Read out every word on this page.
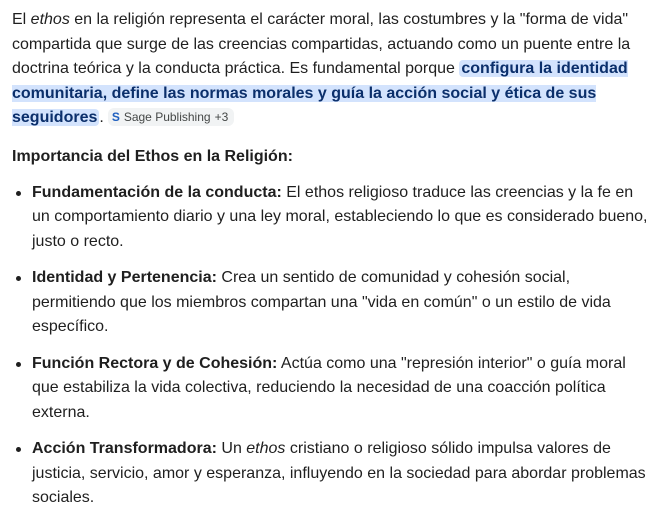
El ethos en la religión representa el carácter moral, las costumbres y la "forma de vida" compartida que surge de las creencias compartidas, actuando como un puente entre la doctrina teórica y la conducta práctica. Es fundamental porque configura la identidad comunitaria, define las normas morales y guía la acción social y ética de sus seguidores . S Sage Publishing +3

Importancia del Ethos en la Religión:
Fundamentación de la conducta: El ethos religioso traduce las creencias y la fe en un comportamiento diario y una ley moral, estableciendo lo que es considerado bueno, justo o recto.
Identidad y Pertenencia: Crea un sentido de comunidad y cohesión social, permitiendo que los miembros compartan una "vida en común" o un estilo de vida específico.
Función Rectora y de Cohesión: Actúa como una "represión interior" o guía moral que estabiliza la vida colectiva, reduciendo la necesidad de una coacción política externa.
Acción Transformadora: Un ethos cristiano o religioso sólido impulsa valores de justicia, servicio, amor y esperanza, influyendo en la sociedad para abordar problemas sociales.
